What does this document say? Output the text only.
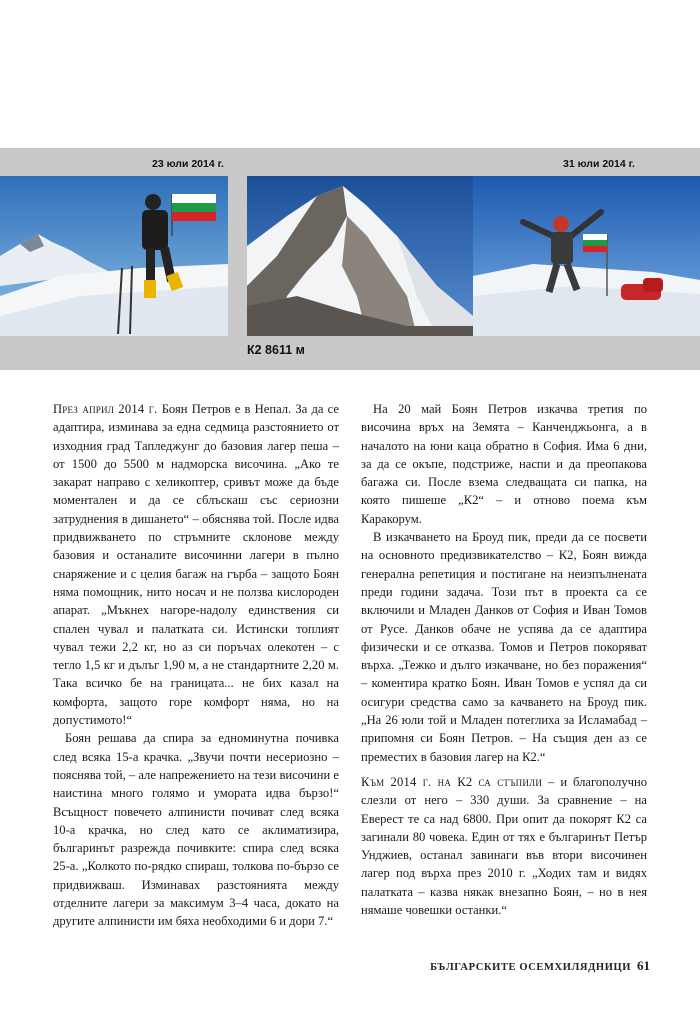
23 юли 2014 г.	31 юли 2014 г.
К2 8611 м

През април 2014 г. Боян Петров е в Непал. За да се адаптира, изминава за една седмица разстоянието от изходния град Тапледжунг до базовия лагер пеша – от 1500 до 5500 м надморска височина. „Ако те закарат направо с хеликоптер, сривът може да бъде моментален и да се сблъскаш със сериозни затруднения в дишането“ – обяснява той. После идва придвижването по стръмните склонове между базовия и останалите височинни лагери в пълно снаряжение и с целия багаж на гърба – защото Боян няма помощник, нито носач и не ползва кислороден апарат. „Мъкнех нагоре-надолу единствения си спален чувал и палатката си. Истински топлият чувал тежи 2,2 кг, но аз си поръчах олекотен – с тегло 1,5 кг и дълъг 1,90 м, а не стандартните 2,20 м. Така всичко бе на границата... не бих казал на комфорта, защото горе комфорт няма, но на допустимото!“

Боян решава да спира за едноминутна почивка след всяка 15-а крачка. „Звучи почти несериозно – пояснява той, – але напрежението на тези височини е наистина много голямо и умората идва бързо!“ Всъщност повечето алпинисти почиват след всяка 10-а крачка, но след като се аклиматизира, българинът разрежда почивките: спира след всяка 25-а. „Колкото по-рядко спираш, толкова по-бързо се придвижваш. Изминавах разстоянията между отделните лагери за максимум 3–4 часа, докато на другите алпинисти им бяха необходими 6 и дори 7.“

На 20 май Боян Петров изкачва третия по височина връх на Земята – Канченджьонга, а в началото на юни каца обратно в София. Има 6 дни, за да се окъпе, подстриже, наспи и да преопакова багажа си. После взема следващата си папка, на която пишеше „К2“ – и отново поема към Каракорум.

В изкачването на Броуд пик, преди да се посвети на основното предизвикателство – К2, Боян вижда генерална репетиция и постигане на неизпълнената преди години задача. Този път в проекта са се включили и Младен Данков от София и Иван Томов от Русе. Данков обаче не успява да се адаптира физически и се отказва. Томов и Петров покоряват върха. „Тежко и дълго изкачване, но без поражения“ – коментира кратко Боян. Иван Томов е успял да си осигури средства само за качването на Броуд пик. „На 26 юли той и Младен потеглиха за Исламабад – припомня си Боян Петров. – На същия ден аз се преместих в базовия лагер на К2.“

Към 2014 г. на К2 са стъпили – и благополучно слезли от него – 330 души. За сравнение – на Еверест те са над 6800. При опит да покорят К2 са загинали 80 човека. Един от тях е българинът Петър Унджиев, останал завинаги във втори височинен лагер под върха през 2010 г. „Ходих там и видях палатката – казва някак внезапно Боян, – но в нея нямаше човешки останки.“

БЪЛГАРСКИТЕ ОСЕМХИЛЯДНИЦИ 61
